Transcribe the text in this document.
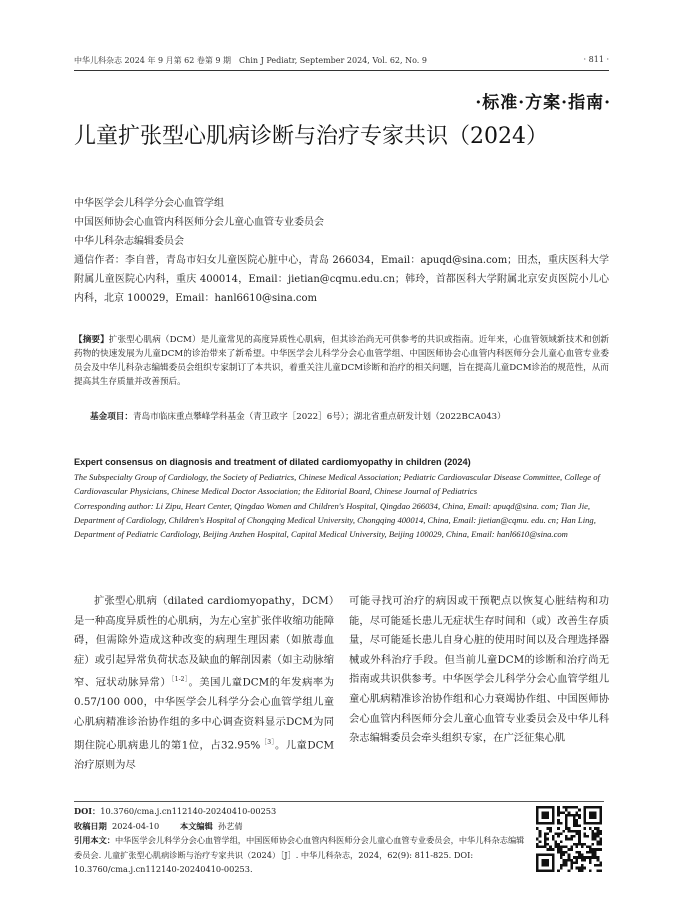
中华儿科杂志 2024 年 9 月第 62 卷第 9 期　Chin J Pediatr, September 2024, Vol. 62, No. 9	· 811 ·
·标准·方案·指南·
儿童扩张型心肌病诊断与治疗专家共识（2024）
中华医学会儿科学分会心血管学组
中国医师协会心血管内科医师分会儿童心血管专业委员会
中华儿科杂志编辑委员会
通信作者：李自普，青岛市妇女儿童医院心脏中心，青岛 266034，Email：apuqd@sina.com；田杰，重庆医科大学附属儿童医院心内科，重庆 400014，Email：jietian@cqmu.edu.cn；韩玲，首都医科大学附属北京安贞医院小儿心内科，北京 100029，Email：hanl6610@sina.com
【摘要】扩张型心肌病（DCM）是儿童常见的高度异质性心肌病，但其诊治尚无可供参考的共识或指南。近年来，心血管领域新技术和创新药物的快速发展为儿童DCM的诊治带来了新希望。中华医学会儿科学分会心血管学组、中国医师协会心血管内科医师分会儿童心血管专业委员会及中华儿科杂志编辑委员会组织专家制订了本共识，着重关注儿童DCM诊断和治疗的相关问题，旨在提高儿童DCM诊治的规范性，从而提高其生存质量并改善预后。
基金项目：青岛市临床重点攀峰学科基金（青卫政字［2022］6号）；湖北省重点研发计划（2022BCA043）
Expert consensus on diagnosis and treatment of dilated cardiomyopathy in children (2024)
The Subspecialty Group of Cardiology, the Society of Pediatrics, Chinese Medical Association; Pediatric Cardiovascular Disease Committee, College of Cardiovascular Physicians, Chinese Medical Doctor Association; the Editorial Board, Chinese Journal of Pediatrics
Corresponding author: Li Zipu, Heart Center, Qingdao Women and Children's Hospital, Qingdao 266034, China, Email: apuqd@sina. com; Tian Jie, Department of Cardiology, Children's Hospital of Chongqing Medical University, Chongqing 400014, China, Email: jietian@cqmu. edu. cn; Han Ling, Department of Pediatric Cardiology, Beijing Anzhen Hospital, Capital Medical University, Beijing 100029, China, Email: hanl6610@sina.com
扩张型心肌病（dilated cardiomyopathy，DCM）是一种高度异质性的心肌病，为左心室扩张伴收缩功能障碍，但需除外造成这种改变的病理生理因素（如脓毒血症）或引起异常负荷状态及缺血的解剖因素（如主动脉缩窄、冠状动脉异常）$^{[1-2]}$。美国儿童DCM的年发病率为0.57/100 000，中华医学会儿科学分会心血管学组儿童心肌病精准诊治协作组的多中心调查资料显示DCM为同期住院心肌病患儿的第1位，占32.95%$^{[3]}$。儿童DCM治疗原则为尽
可能寻找可治疗的病因或干预靶点以恢复心脏结构和功能，尽可能延长患儿无症状生存时间和（或）改善生存质量，尽可能延长患儿自身心脏的使用时间以及合理选择器械或外科治疗手段。但当前儿童DCM的诊断和治疗尚无指南或共识供参考。中华医学会儿科学分会心血管学组儿童心肌病精准诊治协作组和心力衰竭协作组、中国医师协会心血管内科医师分会儿童心血管专业委员会及中华儿科杂志编辑委员会牵头组织专家，在广泛征集心肌
DOI：10.3760/cma.j.cn112140-20240410-00253
收稿日期 2024-04-10	本文编辑 孙艺倩
引用本文：中华医学会儿科学分会心血管学组，中国医师协会心血管内科医师分会儿童心血管专业委员会，中华儿科杂志编辑委员会. 儿童扩张型心肌病诊断与治疗专家共识（2024）［J］. 中华儿科杂志，2024，62(9): 811-825. DOI: 10.3760/cma.j.cn112140-20240410-00253.
